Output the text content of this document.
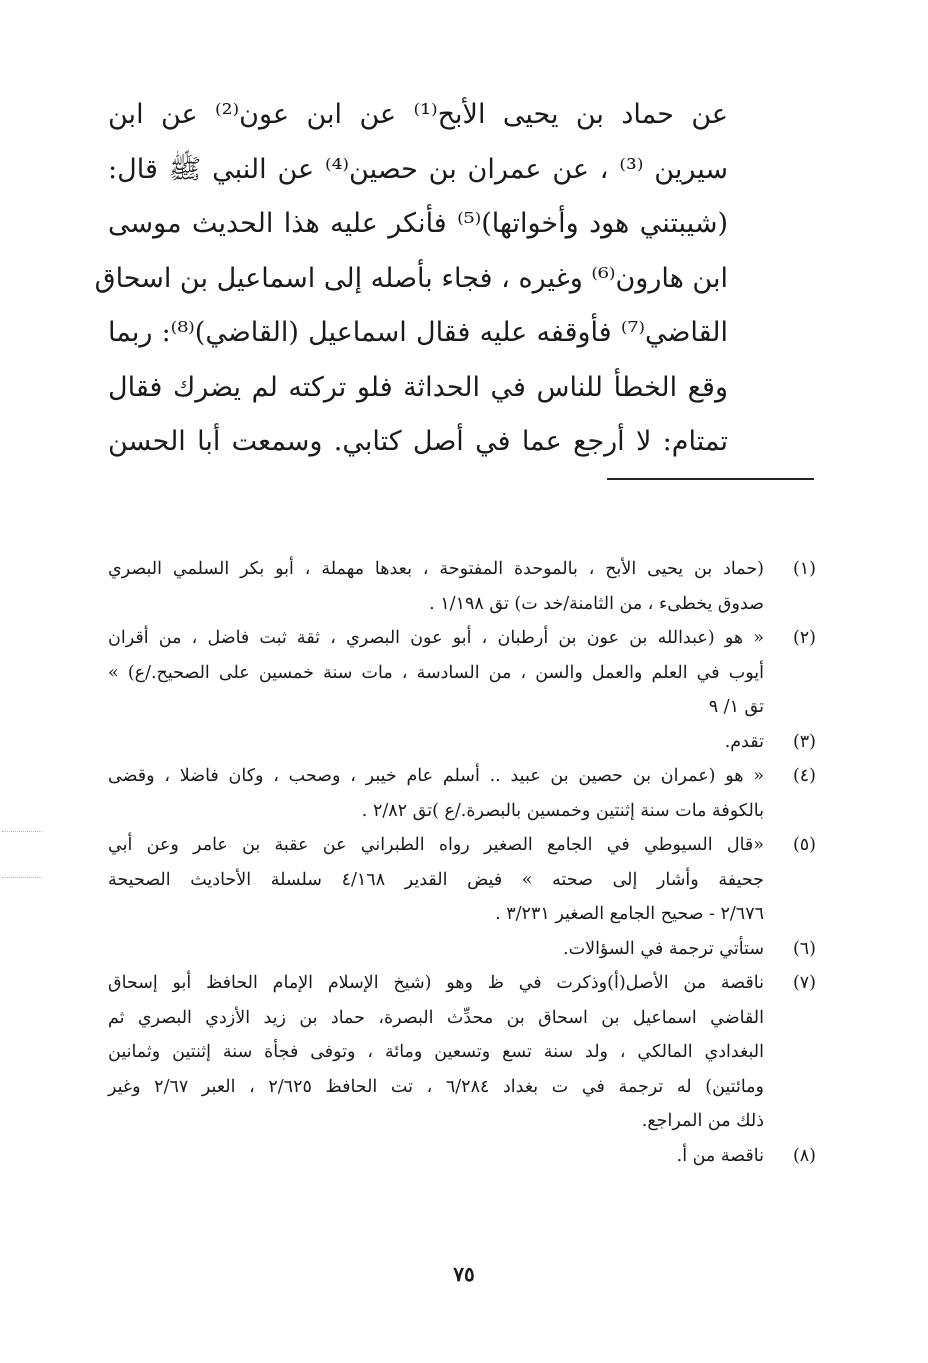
عن حماد بن يحيى الأبح⁽¹⁾ عن ابن عون⁽²⁾ عن ابن
سيرين ⁽³⁾ ، عن عمران بن حصين⁽⁴⁾ عن النبي ﷺ قال:
(شيبتني هود وأخواتها)⁽⁵⁾ فأنكر عليه هذا الحديث موسى
ابن هارون⁽⁶⁾ وغيره ، فجاء بأصله إلى اسماعيل بن اسحاق
القاضي⁽⁷⁾ فأوقفه عليه فقال اسماعيل (القاضي)⁽⁸⁾: ربما
وقع الخطأ للناس في الحداثة فلو تركته لم يضرك فقال
تمتام: لا أرجع عما في أصل كتابي. وسمعت أبا الحسن
(١)
(حماد بن يحيى الأبح ، بالموحدة المفتوحة ، بعدها مهملة ، أبو بكر السلمي البصري
صدوق يخطىء ، من الثامنة/خد ت) تق ١/١٩٨ .
(٢)
« هو (عبدالله بن عون بن أرطبان ، أبو عون البصري ، ثقة ثبت فاضل ، من أقران
أيوب في العلم والعمل والسن ، من السادسة ، مات سنة خمسين على الصحيح./ع) »
تق ١/ ٩
(٣)
تقدم.
(٤)
« هو (عمران بن حصين بن عبيد .. أسلم عام خيبر ، وصحب ، وكان فاضلا ، وقضى
بالكوفة مات سنة إثنتين وخمسين بالبصرة./ع )تق ٢/٨٢ .
(٥)
«قال السيوطي في الجامع الصغير رواه الطبراني عن عقبة بن عامر وعن أبي
جحيفة وأشار إلى صحته » فيض القدير ٤/١٦٨ سلسلة الأحاديث الصحيحة
٢/٦٧٦ - صحيح الجامع الصغير ٣/٢٣١ .
(٦)
ستأتي ترجمة في السؤالات.
(٧)
ناقصة من الأصل(أ)وذكرت في ظ وهو (شيخ الإسلام الإمام الحافظ أبو إسحاق
القاضي اسماعيل بن اسحاق بن محدِّث البصرة، حماد بن زيد الأزدي البصري ثم
البغدادي المالكي ، ولد سنة تسع وتسعين ومائة ، وتوفى فجأة سنة إثنتين وثمانين
ومائتين) له ترجمة في ت بغداد ٦/٢٨٤ ، تت الحافظ ٢/٦٢٥ ، العبر ٢/٦٧ وغير
ذلك من المراجع.
(٨)
ناقصة من أ.
٧٥
